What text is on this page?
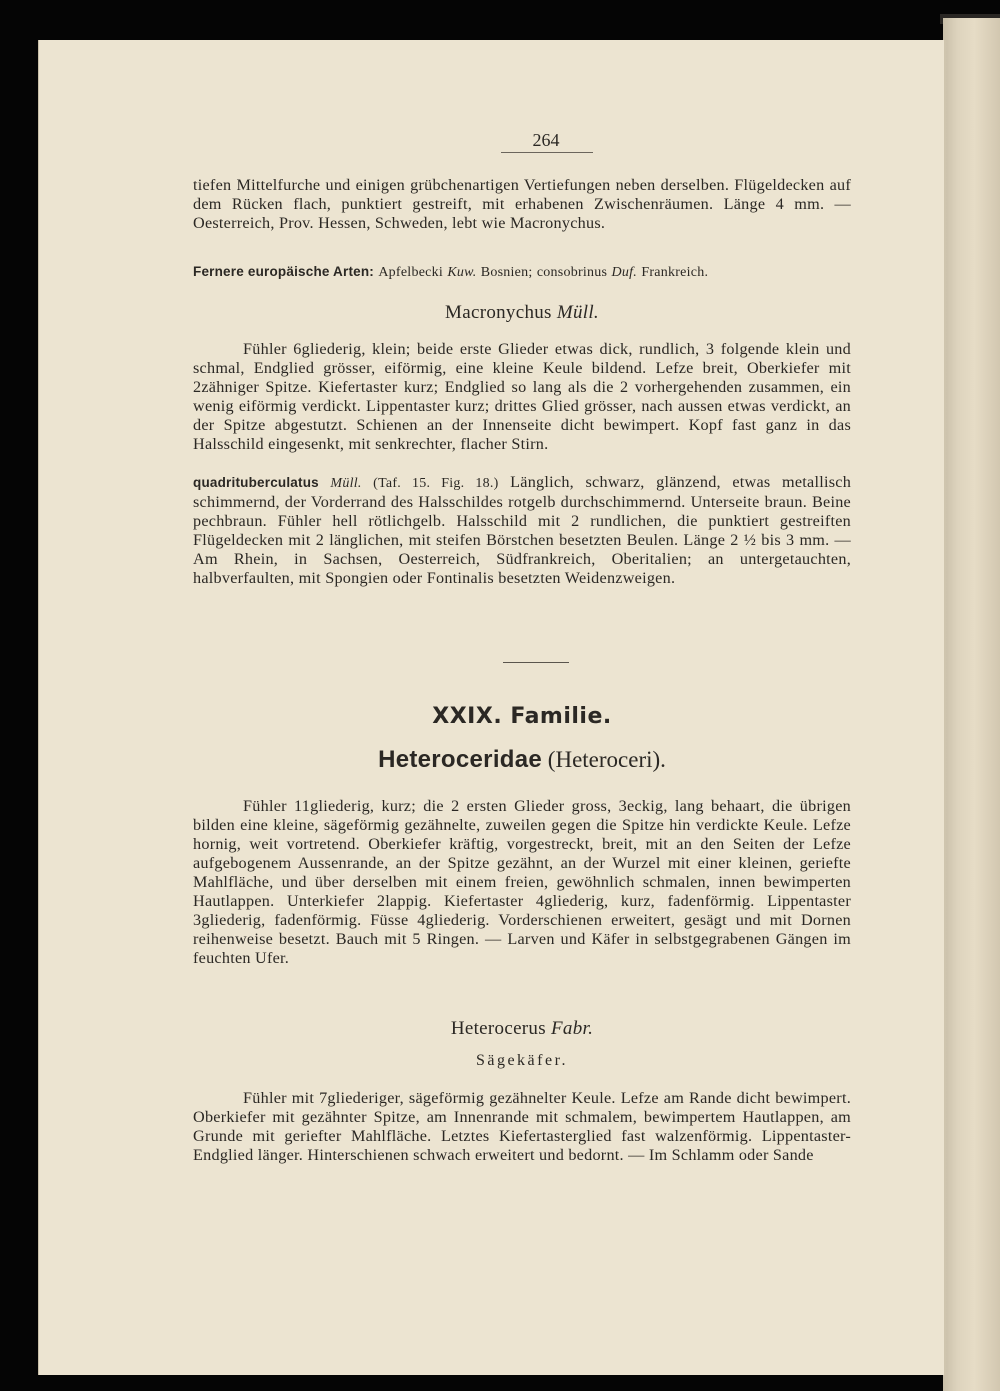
264
tiefen Mittelfurche und einigen grübchenartigen Vertiefungen neben derselben. Flügeldecken auf dem Rücken flach, punktiert gestreift, mit erhabenen Zwischenräumen. Länge 4 mm. — Oesterreich, Prov. Hessen, Schweden, lebt wie Macronychus.
Fernere europäische Arten: Apfelbecki Kuw. Bosnien; consobrinus Duf. Frankreich.
Macronychus Müll.
Fühler 6gliederig, klein; beide erste Glieder etwas dick, rundlich, 3 folgende klein und schmal, Endglied grösser, eiförmig, eine kleine Keule bildend. Lefze breit, Oberkiefer mit 2zähniger Spitze. Kiefertaster kurz; Endglied so lang als die 2 vorhergehenden zusammen, ein wenig eiförmig verdickt. Lippentaster kurz; drittes Glied grösser, nach aussen etwas verdickt, an der Spitze abgestutzt. Schienen an der Innenseite dicht bewimpert. Kopf fast ganz in das Halsschild eingesenkt, mit senkrechter, flacher Stirn.
quadrituberculatus Müll. (Taf. 15. Fig. 18.) Länglich, schwarz, glänzend, etwas metallisch schimmernd, der Vorderrand des Halsschildes rotgelb durchschimmernd. Unterseite braun. Beine pechbraun. Fühler hell rötlichgelb. Halsschild mit 2 rundlichen, die punktiert gestreiften Flügeldecken mit 2 länglichen, mit steifen Börstchen besetzten Beulen. Länge 2 ½ bis 3 mm. — Am Rhein, in Sachsen, Oesterreich, Südfrankreich, Oberitalien; an untergetauchten, halbverfaulten, mit Spongien oder Fontinalis besetzten Weidenzweigen.
XXIX. Familie.
Heteroceridae (Heteroceri).
Fühler 11gliederig, kurz; die 2 ersten Glieder gross, 3eckig, lang behaart, die übrigen bilden eine kleine, sägeförmig gezähnelte, zuweilen gegen die Spitze hin verdickte Keule. Lefze hornig, weit vortretend. Oberkiefer kräftig, vorgestreckt, breit, mit an den Seiten der Lefze aufgebogenem Aussenrande, an der Spitze gezähnt, an der Wurzel mit einer kleinen, geriefte Mahlfläche, und über derselben mit einem freien, gewöhnlich schmalen, innen bewimperten Hautlappen. Unterkiefer 2lappig. Kiefertaster 4gliederig, kurz, fadenförmig. Lippentaster 3gliederig, fadenförmig. Füsse 4gliederig. Vorderschienen erweitert, gesägt und mit Dornen reihenweise besetzt. Bauch mit 5 Ringen. — Larven und Käfer in selbstgegrabenen Gängen im feuchten Ufer.
Heterocerus Fabr.
Sägekäfer.
Fühler mit 7gliederiger, sägeförmig gezähnelter Keule. Lefze am Rande dicht bewimpert. Oberkiefer mit gezähnter Spitze, am Innenrande mit schmalem, bewimpertem Hautlappen, am Grunde mit geriefter Mahlfläche. Letztes Kiefertasterglied fast walzenförmig. Lippentaster-Endglied länger. Hinterschienen schwach erweitert und bedornt. — Im Schlamm oder Sande
